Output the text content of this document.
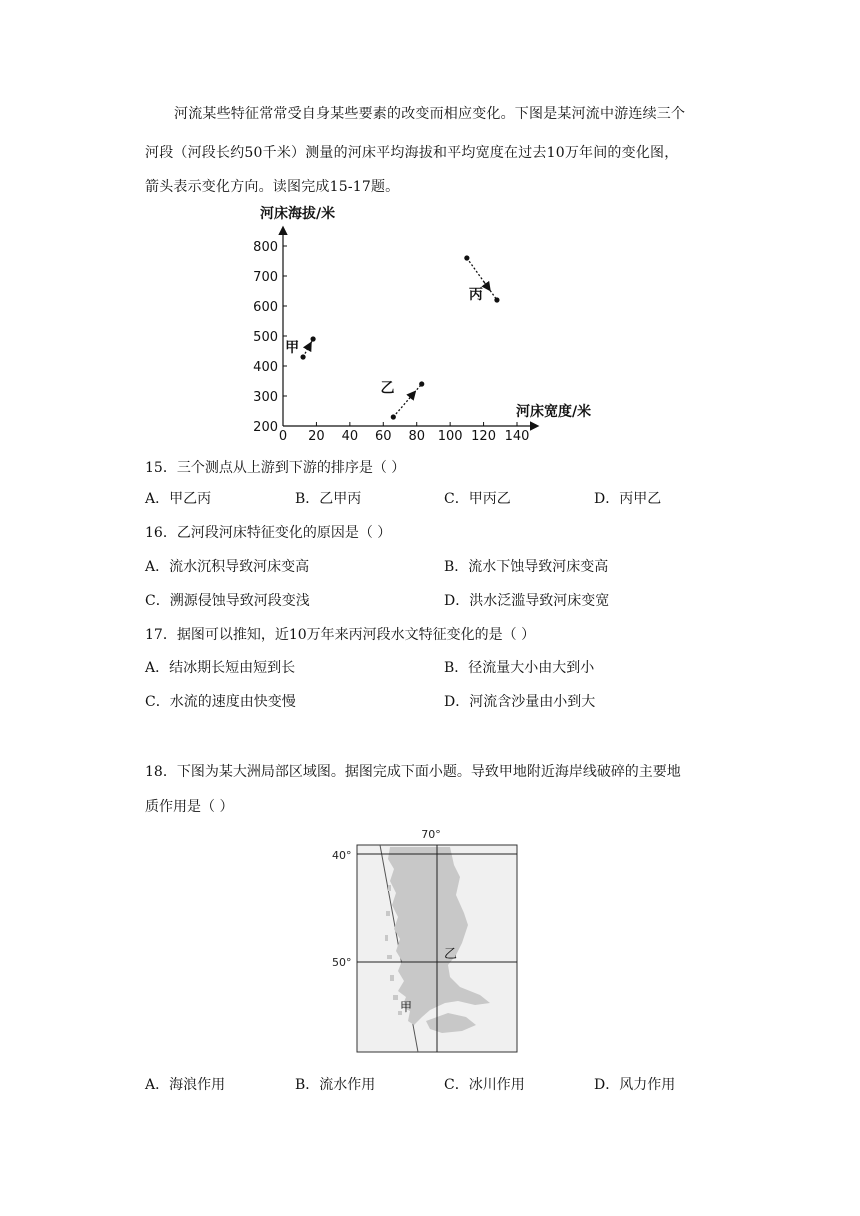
河流某些特征常常受自身某些要素的改变而相应变化。下图是某河流中游连续三个
河段（河段长约50千米）测量的河床平均海拔和平均宽度在过去10万年间的变化图，
箭头表示变化方向。读图完成15-17题。
河床海拔/米
河床宽度/米
0 20 40 60 80 100 120 140
200
300
400
500
600
700
800
甲
乙
丙
15．三个测点从上游到下游的排序是（ ）
A．甲乙丙	B．乙甲丙	C．甲丙乙	D．丙甲乙
16．乙河段河床特征变化的原因是（ ）
A．流水沉积导致河床变高	B．流水下蚀导致河床变高
C．溯源侵蚀导致河段变浅	D．洪水泛滥导致河床变宽
17．据图可以推知，近10万年来丙河段水文特征变化的是（ ）
A．结冰期长短由短到长	B．径流量大小由大到小
C．水流的速度由快变慢	D．河流含沙量由小到大
18．下图为某大洲局部区域图。据图完成下面小题。导致甲地附近海岸线破碎的主要地
质作用是（ ）
70°
40°
50°
乙
甲
A．海浪作用	B．流水作用	C．冰川作用	D．风力作用
